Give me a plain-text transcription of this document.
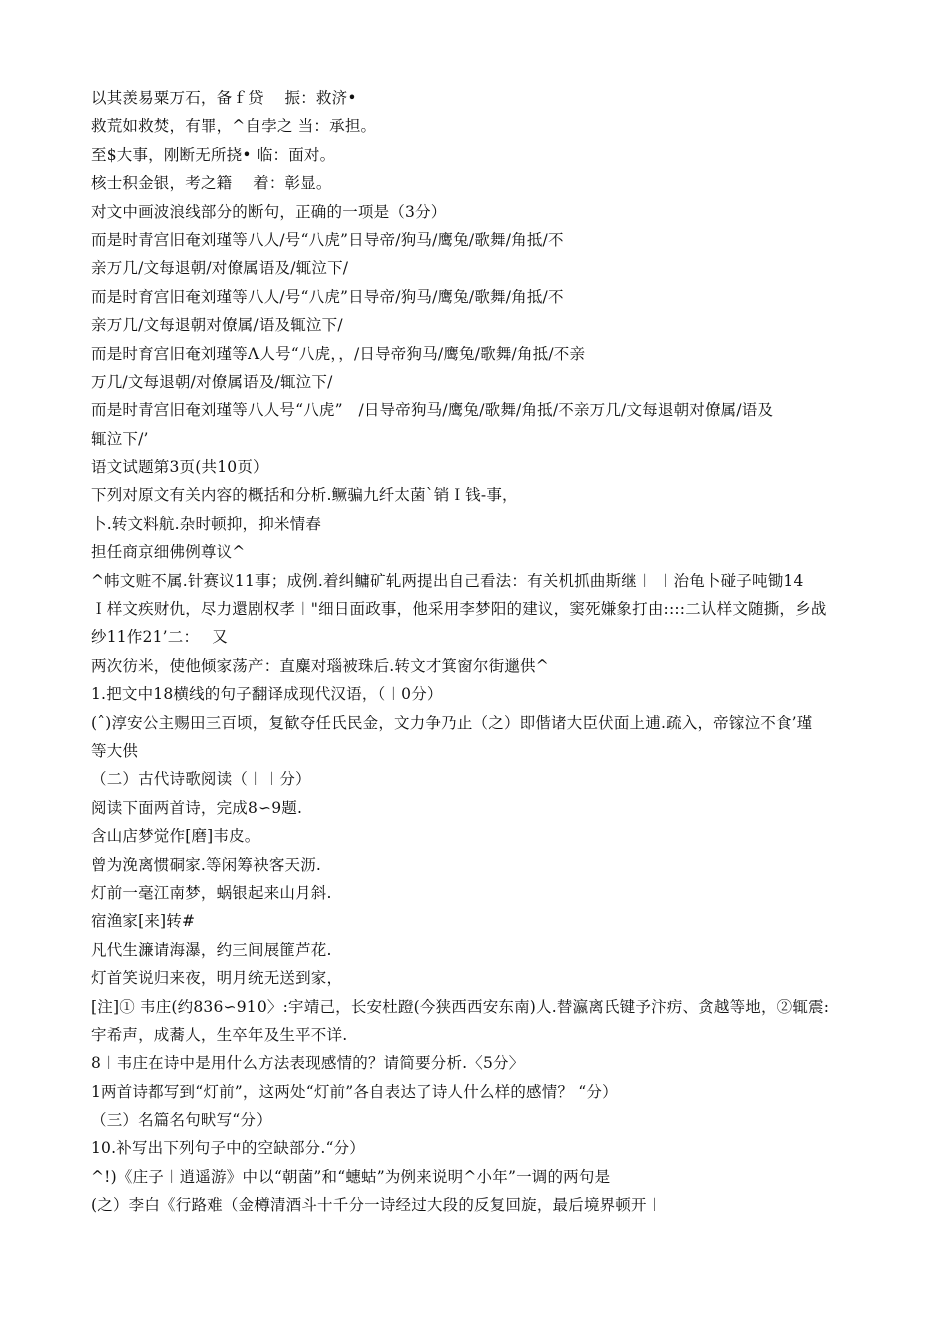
以其羡易粟万石，备ｆ贷　 振：救济•
救荒如救焚，有罪，^自孛之 当：承担。
至$大事，刚断无所挠• 临：面对。
核士积金银，考之籍　 着：彰显。
对文中画波浪线部分的断句，正确的一项是（3分）
而是时青宫旧奄刘瑾等八人/号“八虎”日导帝/狗马/鹰兔/歌舞/角抵/不
亲万几/文每退朝/对僚属语及/辄泣下/
而是时育宫旧奄刘瑾等八人/号“八虎”日导帝/狗马/鹰兔/歌舞/角抵/不
亲万几/文每退朝对僚属/语及辄泣下/
而是时育宫旧奄刘瑾等Λ人号“八虎，，/日导帝狗马/鹰兔/歌舞/角抵/不亲
万几/文每退朝/对僚属语及/辄泣下/
而是时青宫旧奄刘瑾等八人号“八虎”　/日导帝狗马/鹰兔/歌舞/角抵/不亲万几/文每退朝对僚属/语及
辄泣下/’
语文试题第3页(共10页）
下列对原文有关内容的概括和分析.鳜骗九纤太菌`销Ｉ钱-事，
卜.转文料航.杂时顿抑，抑米情春
担任商京细佛例尊议^
^帏文赃不属.针赛议11事；成例.着纠鳙矿轧两提出自己看法：有关机抓曲斯继︱ ︱治龟卜碰子吨锄14
Ｉ样文疾财仇，尽力還剧权孝︱"细日面政事，他采用李梦阳的建议，窦死嫌象打由::::二认样文随撕，乡战
纱11作21’二：　 又
两次彷米，使他倾家荡产：直麋对瑙被珠后.转文才箕窗尔街邋供^
1.把文中18横线的句子翻译成现代汉语，（︱0分）
(ˆ)淳安公主赐田三百顷，复歓夺任氏民金，文力争乃止（之）即偕诸大臣伏面上逋.疏入，帝镓泣不食’瑾
等大供
（二）古代诗歌阅读（︱︱分）
阅读下面两首诗，完成8∽9题.
含山店梦觉作[磨]韦皮。
曾为浼离惯硐家.等闲筹袂客天沥.
灯前一毫江南梦，蜗银起来山月斜.
宿渔家[来]转#
凡代生濂请海瀑，约三间展篚芦花.
灯首笑说归来夜，明月统无送到家，
[注]① 韦庄(约836∽910〉:宇靖己，长安杜蹬(今狭西西安东南)人.替瀛离氏键予汴疠、贪越等地，②辄震:
宇希声，成蕎人，生卒年及生平不详.
8︱韦庄在诗中是用什么方法表现感情的？请简要分析.〈5分〉
1两首诗都写到“灯前”，这两处“灯前”各自表达了诗人什么样的感情？ “分）
（三）名篇名句畎写“分）
10.补写出下列句子中的空缺部分.“分）
^!)《庄子︱逍遥游》中以“朝菌”和“蟪蛄”为例来说明^小年”一调的两句是
(之）李白《行路难（金樽清酒斗十千分一诗经过大段的反复回旋，最后境界顿开︱
